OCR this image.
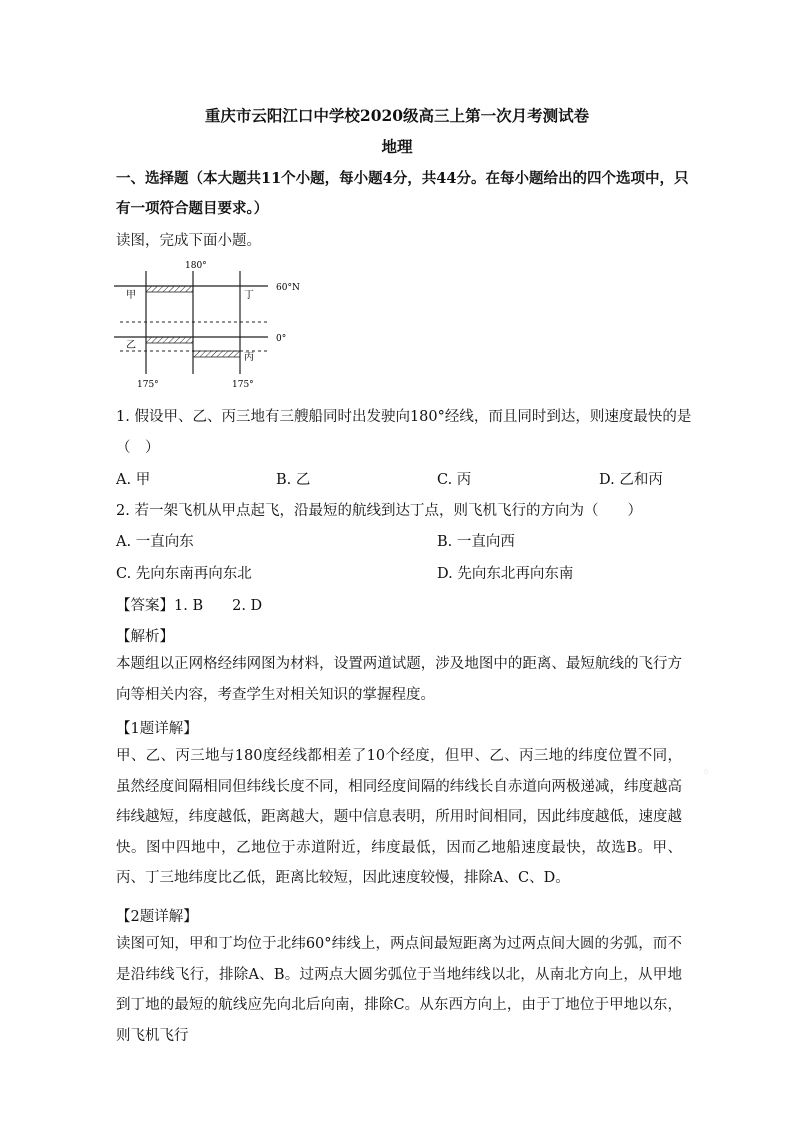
重庆市云阳江口中学校2020级高三上第一次月考测试卷
地理
一、选择题（本大题共11个小题，每小题4分，共44分。在每小题给出的四个选项中，只
有一项符合题目要求。）
读图，完成下面小题。
180°
60°N
0°
175°	175°
甲	丁
乙
丙
1. 假设甲、乙、丙三地有三艘船同时出发驶向180°经线，而且同时到达，则速度最快的是
（　）
A. 甲	B. 乙	C. 丙	D. 乙和丙
2. 若一架飞机从甲点起飞，沿最短的航线到达丁点，则飞机飞行的方向为（　　）
A. 一直向东	B. 一直向西
C. 先向东南再向东北	D. 先向东北再向东南
【答案】1. B　　2. D
【解析】
本题组以正网格经纬网图为材料，设置两道试题，涉及地图中的距离、最短航线的飞行方向等相关内容，考查学生对相关知识的掌握程度。
【1题详解】
甲、乙、丙三地与180度经线都相差了10个经度，但甲、乙、丙三地的纬度位置不同，虽然经度间隔相同但纬线长度不同，相同经度间隔的纬线长自赤道向两极递减，纬度越高纬线越短，纬度越低，距离越大，题中信息表明，所用时间相同，因此纬度越低，速度越快。图中四地中，乙地位于赤道附近，纬度最低，因而乙地船速度最快，故选B。甲、丙、丁三地纬度比乙低，距离比较短，因此速度较慢，排除A、C、D。
【2题详解】
读图可知，甲和丁均位于北纬60°纬线上，两点间最短距离为过两点间大圆的劣弧，而不是沿纬线飞行，排除A、B。过两点大圆劣弧位于当地纬线以北，从南北方向上，从甲地到丁地的最短的航线应先向北后向南，排除C。从东西方向上，由于丁地位于甲地以东，则飞机飞行
◦
